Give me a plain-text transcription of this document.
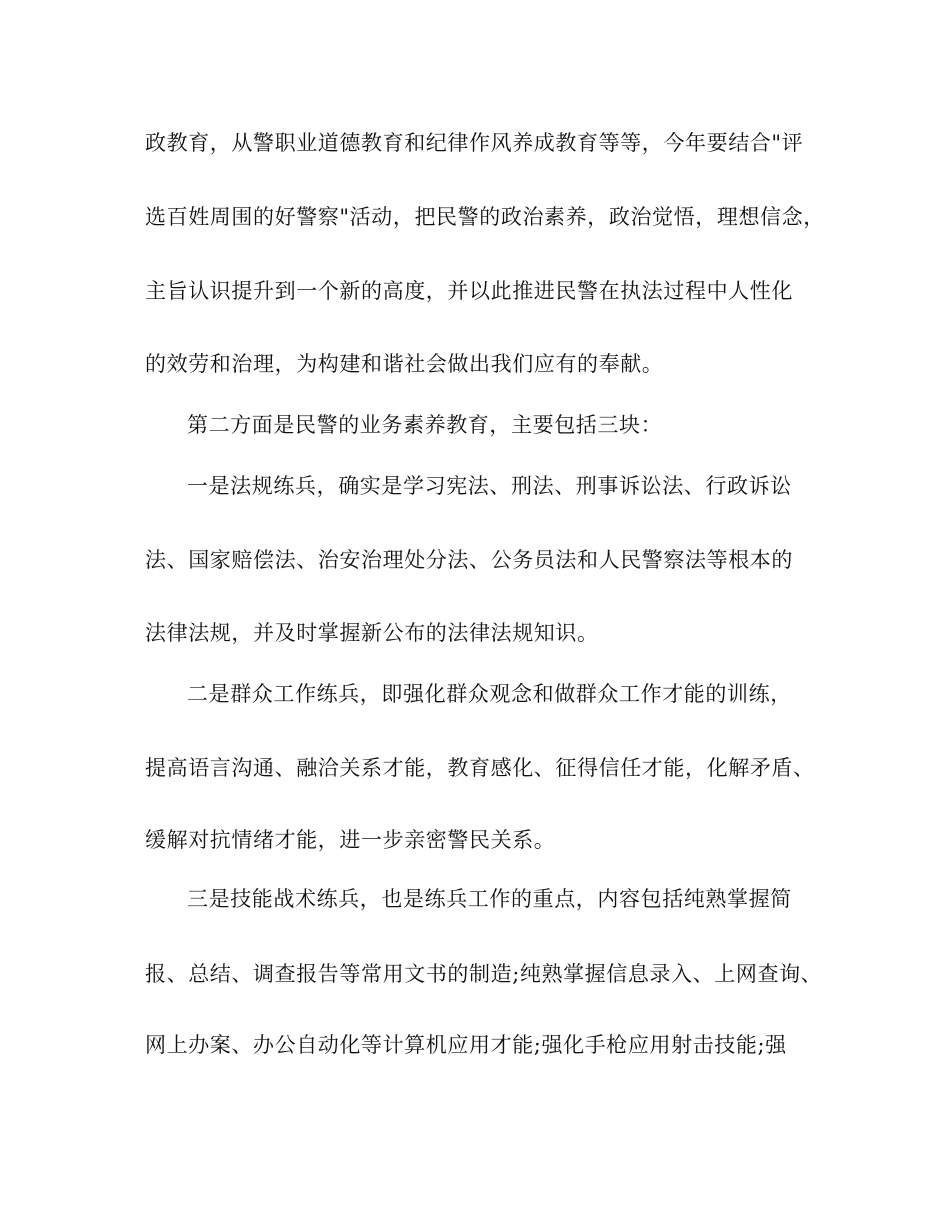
政教育，从警职业道德教育和纪律作风养成教育等等，今年要结合"评
选百姓周围的好警察"活动，把民警的政治素养，政治觉悟，理想信念，
主旨认识提升到一个新的高度，并以此推进民警在执法过程中人性化
的效劳和治理，为构建和谐社会做出我们应有的奉献。
第二方面是民警的业务素养教育，主要包括三块：
一是法规练兵，确实是学习宪法、刑法、刑事诉讼法、行政诉讼
法、国家赔偿法、治安治理处分法、公务员法和人民警察法等根本的
法律法规，并及时掌握新公布的法律法规知识。
二是群众工作练兵，即强化群众观念和做群众工作才能的训练，
提高语言沟通、融洽关系才能，教育感化、征得信任才能，化解矛盾、
缓解对抗情绪才能，进一步亲密警民关系。
三是技能战术练兵，也是练兵工作的重点，内容包括纯熟掌握简
报、总结、调查报告等常用文书的制造;纯熟掌握信息录入、上网查询、
网上办案、办公自动化等计算机应用才能;强化手枪应用射击技能;强
